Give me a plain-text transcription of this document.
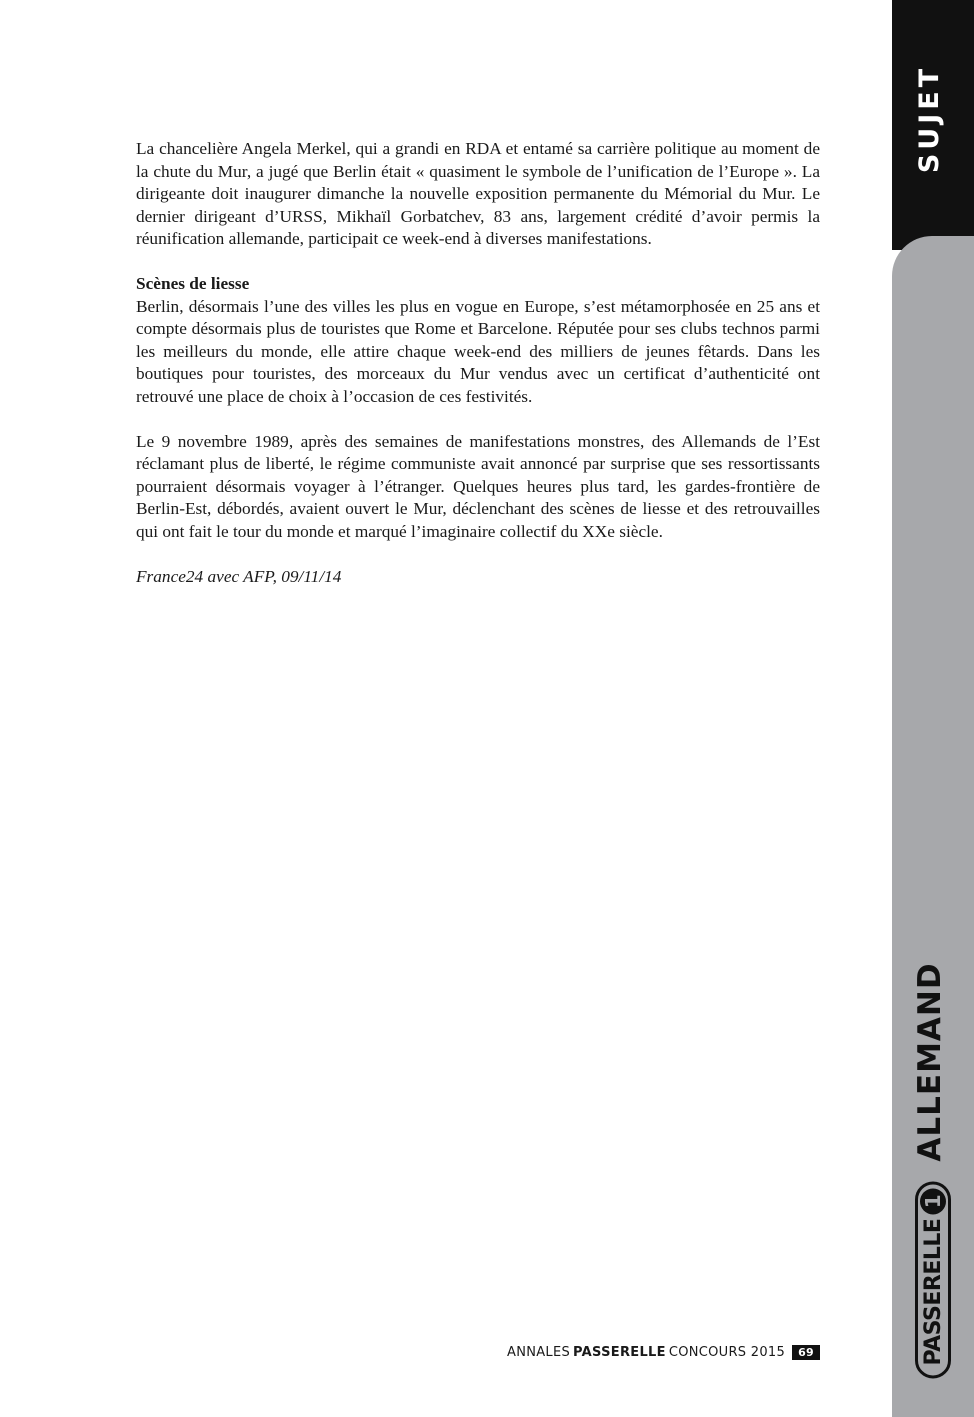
SUJET
ALLEMAND
PASSERELLE
1

La chancelière Angela Merkel, qui a grandi en RDA et entamé sa carrière politique au moment de la chute du Mur, a jugé que Berlin était « quasiment le symbole de l’unification de l’Europe ». La dirigeante doit inaugurer dimanche la nouvelle exposition permanente du Mémorial du Mur. Le dernier dirigeant d’URSS, Mikhaïl Gorbatchev, 83 ans, largement crédité d’avoir permis la réunification allemande, participait ce week-end à diverses manifestations.

Scènes de liesse
Berlin, désormais l’une des villes les plus en vogue en Europe, s’est métamorphosée en 25 ans et compte désormais plus de touristes que Rome et Barcelone. Réputée pour ses clubs technos parmi les meilleurs du monde, elle attire chaque week-end des milliers de jeunes fêtards. Dans les boutiques pour touristes, des morceaux du Mur vendus avec un certificat d’authenticité ont retrouvé une place de choix à l’occasion de ces festivités.

Le 9 novembre 1989, après des semaines de manifestations monstres, des Allemands de l’Est réclamant plus de liberté, le régime communiste avait annoncé par surprise que ses ressortissants pourraient désormais voyager à l’étranger. Quelques heures plus tard, les gardes-frontière de Berlin-Est, débordés, avaient ouvert le Mur, déclenchant des scènes de liesse et des retrouvailles qui ont fait le tour du monde et marqué l’imaginaire collectif du XXe siècle.

France24 avec AFP, 09/11/14

ANNALES PASSERELLE CONCOURS 2015	69
